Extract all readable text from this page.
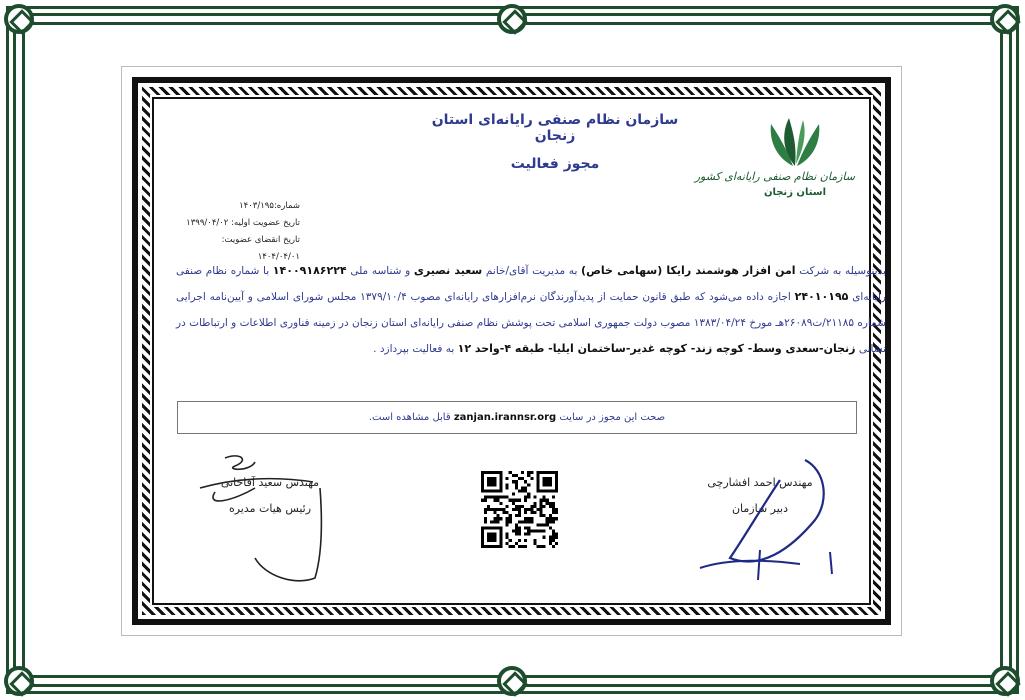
سازمان نظام صنفی رایانه‌ای استان زنجان
مجوز فعالیت
سازمان نظام صنفی رایانه‌ای کشور
استان زنجان
شماره:۱۴۰۳/۱۹۵
تاریخ عضویت اولیه: ۱۳۹۹/۰۴/۰۲
تاریخ انقضای عضویت: ۱۴۰۴/۰۴/۰۱
بدینوسیله به شرکت امن افزار هوشمند رایکا (سهامی خاص) به مدیریت آقای/خانم سعید نصیری و شناسه ملی ۱۴۰۰۹۱۸۶۲۲۴ با شماره نظام صنفی رایانه‌ای ۲۴۰۱۰۱۹۵ اجازه داده می‌شود که طبق قانون حمایت از پدیدآورندگان نرم‌افزارهای رایانه‌ای مصوب ۱۳۷۹/۱۰/۴ مجلس شورای اسلامی و آیین‌نامه اجرایی شماره ۲۱۱۸۵/ت۲۶۰۸۹هـ مورخ ۱۳۸۳/۰۴/۲۴ مصوب دولت جمهوری اسلامی تحت پوشش نظام صنفی رایانه‌ای استان زنجان در زمینه فناوری اطلاعات و ارتباطات در نشانی زنجان-سعدی وسط- کوچه زند- کوچه غدیر-ساختمان ایلیا- طبقه ۴-واحد ۱۲ به فعالیت بپردازد .
صحت این مجوز در سایت zanjan.irannsr.org قابل مشاهده است.
مهندس سعید آقاخانی
رئیس هیات مدیره
مهندس احمد افشارچی
دبیر سازمان
